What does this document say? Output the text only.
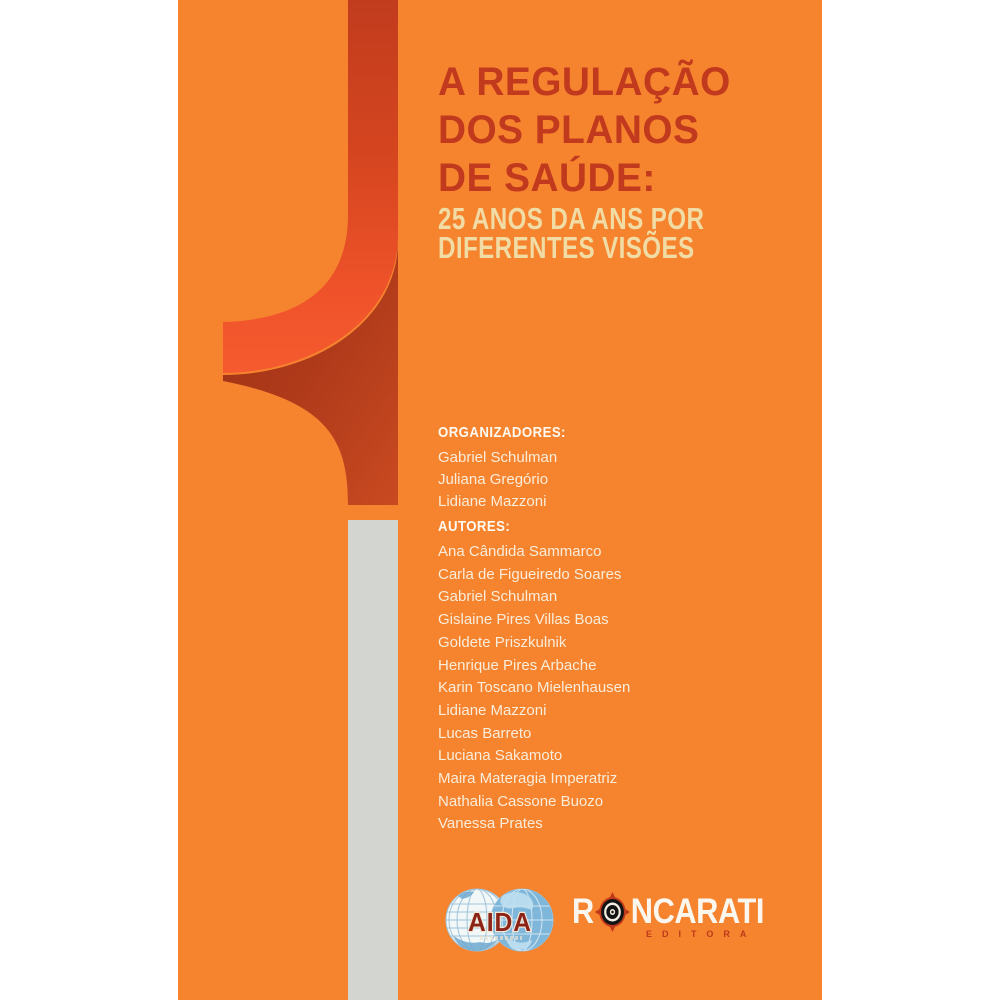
A REGULAÇÃO
DOS PLANOS
DE SAÚDE:
25 ANOS DA ANS POR
DIFERENTES VISÕES
ORGANIZADORES:
Gabriel Schulman
Juliana Gregório
Lidiane Mazzoni
AUTORES:
Ana Cândida Sammarco
Carla de Figueiredo Soares
Gabriel Schulman
Gislaine Pires Villas Boas
Goldete Priszkulnik
Henrique Pires Arbache
Karin Toscano Mielenhausen
Lidiane Mazzoni
Lucas Barreto
Luciana Sakamoto
Maira Materagia Imperatriz
Nathalia Cassone Buozo
Vanessa Prates
AIDA R NCARATI
EDITORA
